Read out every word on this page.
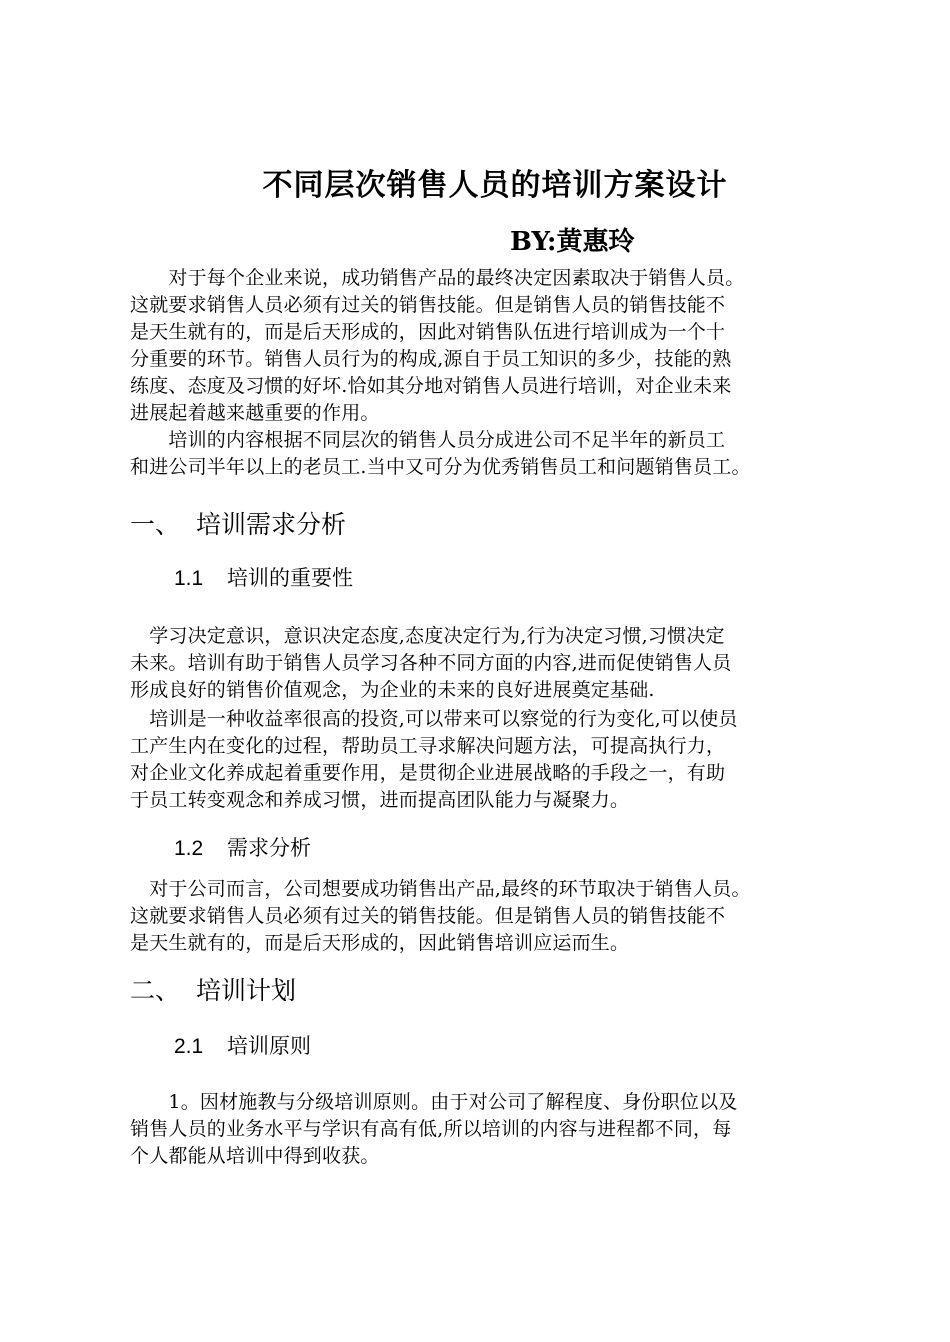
不同层次销售人员的培训方案设计
BY:黄惠玲
　　对于每个企业来说，成功销售产品的最终决定因素取决于销售人员。
这就要求销售人员必须有过关的销售技能。但是销售人员的销售技能不
是天生就有的，而是后天形成的，因此对销售队伍进行培训成为一个十
分重要的环节。销售人员行为的构成,源自于员工知识的多少，技能的熟
练度、态度及习惯的好坏.恰如其分地对销售人员进行培训，对企业未来
进展起着越来越重要的作用。
　　培训的内容根据不同层次的销售人员分成进公司不足半年的新员工
和进公司半年以上的老员工.当中又可分为优秀销售员工和问题销售员工。
一、 培训需求分析
1.1 培训的重要性
　学习决定意识，意识决定态度,态度决定行为,行为决定习惯,习惯决定
未来。培训有助于销售人员学习各种不同方面的内容,进而促使销售人员
形成良好的销售价值观念，为企业的未来的良好进展奠定基础.
　培训是一种收益率很高的投资,可以带来可以察觉的行为变化,可以使员
工产生内在变化的过程，帮助员工寻求解决问题方法，可提高执行力，
对企业文化养成起着重要作用，是贯彻企业进展战略的手段之一，有助
于员工转变观念和养成习惯，进而提高团队能力与凝聚力。
1.2 需求分析
　对于公司而言，公司想要成功销售出产品,最终的环节取决于销售人员。
这就要求销售人员必须有过关的销售技能。但是销售人员的销售技能不
是天生就有的，而是后天形成的，因此销售培训应运而生。
二、 培训计划
2.1 培训原则
　　1。因材施教与分级培训原则。由于对公司了解程度、身份职位以及
销售人员的业务水平与学识有高有低,所以培训的内容与进程都不同，每
个人都能从培训中得到收获。
